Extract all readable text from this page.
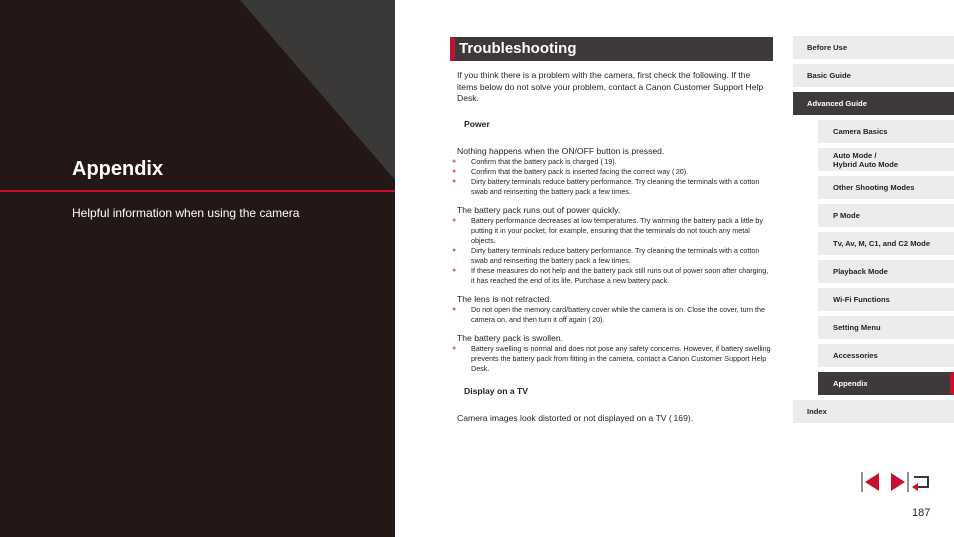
Appendix
Helpful information when using the camera
Troubleshooting
If you think there is a problem with the camera, first check the following. If the items below do not solve your problem, contact a Canon Customer Support Help Desk.
Power
Nothing happens when the ON/OFF button is pressed.
● Confirm that the battery pack is charged ( 19).
● Confirm that the battery pack is inserted facing the correct way ( 20).
● Dirty battery terminals reduce battery performance. Try cleaning the terminals with a cotton swab and reinserting the battery pack a few times.
The battery pack runs out of power quickly.
● Battery performance decreases at low temperatures. Try warming the battery pack a little by putting it in your pocket, for example, ensuring that the terminals do not touch any metal objects.
● Dirty battery terminals reduce battery performance. Try cleaning the terminals with a cotton swab and reinserting the battery pack a few times.
● If these measures do not help and the battery pack still runs out of power soon after charging, it has reached the end of its life. Purchase a new battery pack.
The lens is not retracted.
● Do not open the memory card/battery cover while the camera is on. Close the cover, turn the camera on, and then turn it off again ( 20).
The battery pack is swollen.
● Battery swelling is normal and does not pose any safety concerns. However, if battery swelling prevents the battery pack from fitting in the camera, contact a Canon Customer Support Help Desk.
Display on a TV
Camera images look distorted or not displayed on a TV ( 169).
Before Use
Basic Guide
Advanced Guide
Camera Basics
Auto Mode /
Hybrid Auto Mode
Other Shooting Modes
P Mode
Tv, Av, M, C1, and C2 Mode
Playback Mode
Wi-Fi Functions
Setting Menu
Accessories
Appendix
Index
187
